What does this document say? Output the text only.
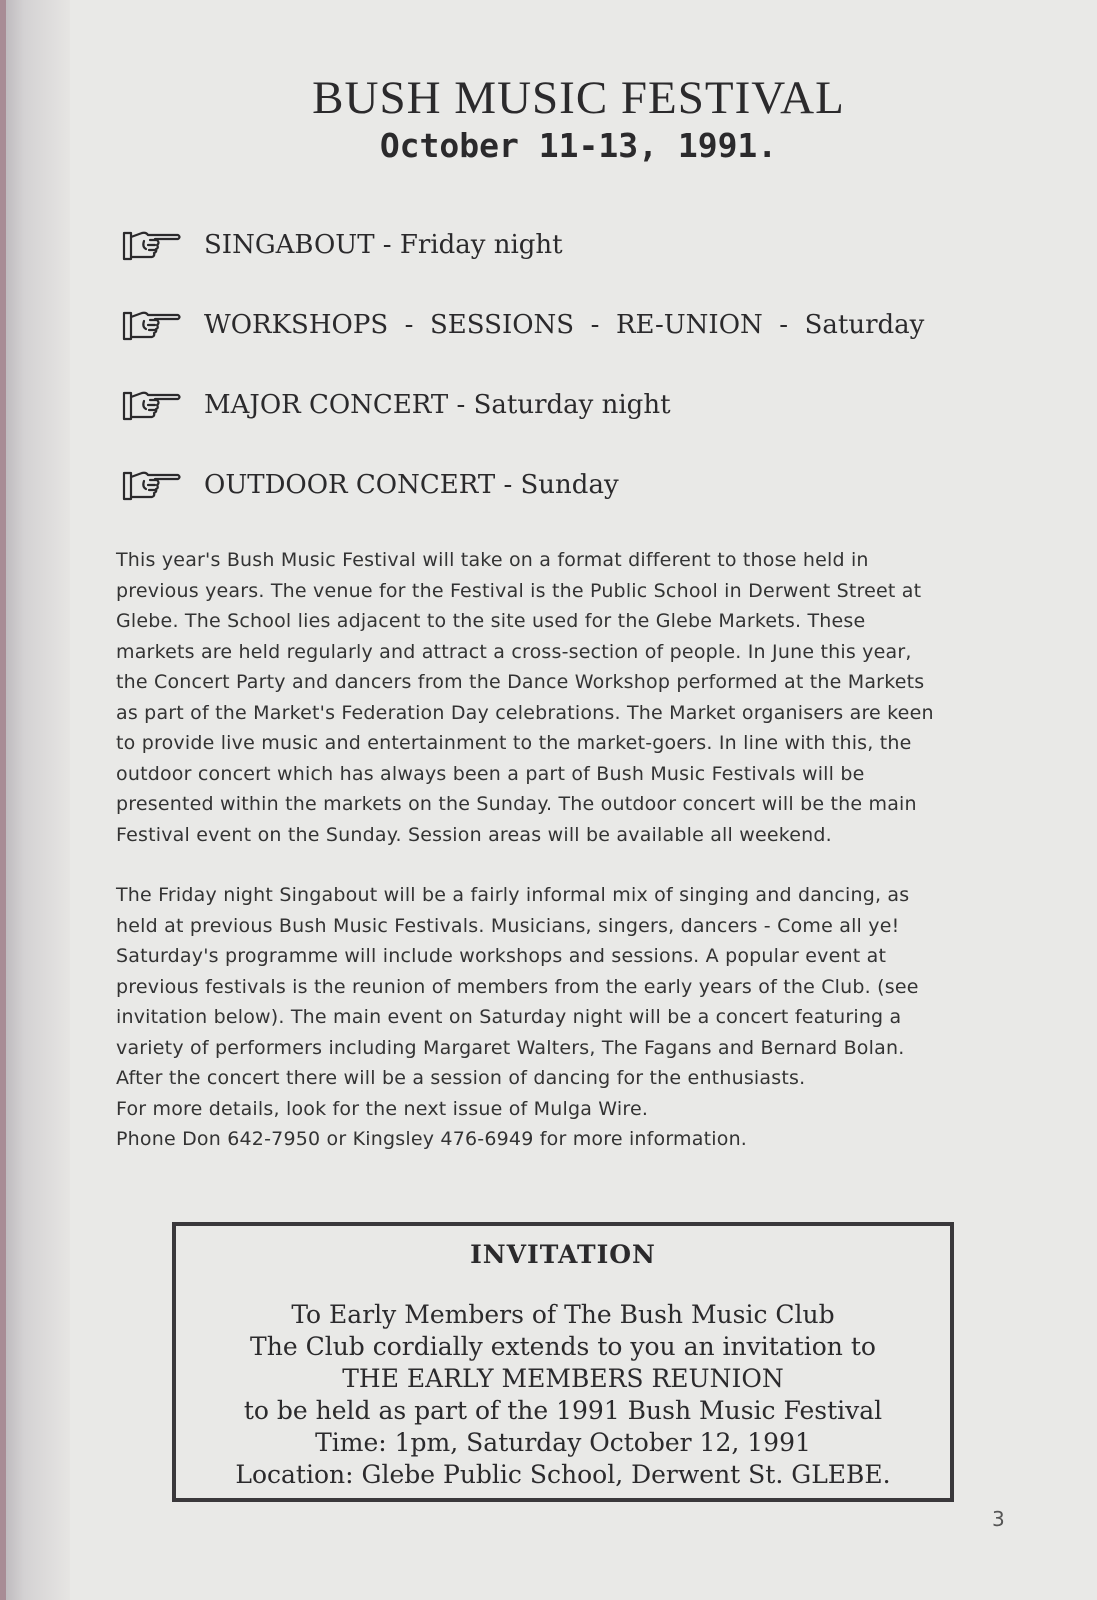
BUSH MUSIC FESTIVAL
October 11-13, 1991.
SINGABOUT - Friday night
WORKSHOPS  -  SESSIONS  -  RE-UNION  -  Saturday
MAJOR CONCERT - Saturday night
OUTDOOR CONCERT - Sunday
This year's Bush Music Festival will take on a format different to those held in
previous years. The venue for the Festival is the Public School in Derwent Street at
Glebe. The School lies adjacent to the site used for the Glebe Markets. These
markets are held regularly and attract a cross-section of people. In June this year,
the Concert Party and dancers from the Dance Workshop performed at the Markets
as part of the Market's Federation Day celebrations. The Market organisers are keen
to provide live music and entertainment to the market-goers. In line with this, the
outdoor concert which has always been a part of Bush Music Festivals will be
presented within the markets on the Sunday. The outdoor concert will be the main
Festival event on the Sunday. Session areas will be available all weekend.
The Friday night Singabout will be a fairly informal mix of singing and dancing, as
held at previous Bush Music Festivals. Musicians, singers, dancers - Come all ye!
Saturday's programme will include workshops and sessions. A popular event at
previous festivals is the reunion of members from the early years of the Club. (see
invitation below). The main event on Saturday night will be a concert featuring a
variety of performers including Margaret Walters, The Fagans and Bernard Bolan.
After the concert there will be a session of dancing for the enthusiasts.
For more details, look for the next issue of Mulga Wire.
Phone Don 642-7950 or Kingsley 476-6949 for more information.
INVITATION
To Early Members of The Bush Music Club
The Club cordially extends to you an invitation to
THE EARLY MEMBERS REUNION
to be held as part of the 1991 Bush Music Festival
Time: 1pm, Saturday October 12, 1991
Location: Glebe Public School, Derwent St. GLEBE.
3
